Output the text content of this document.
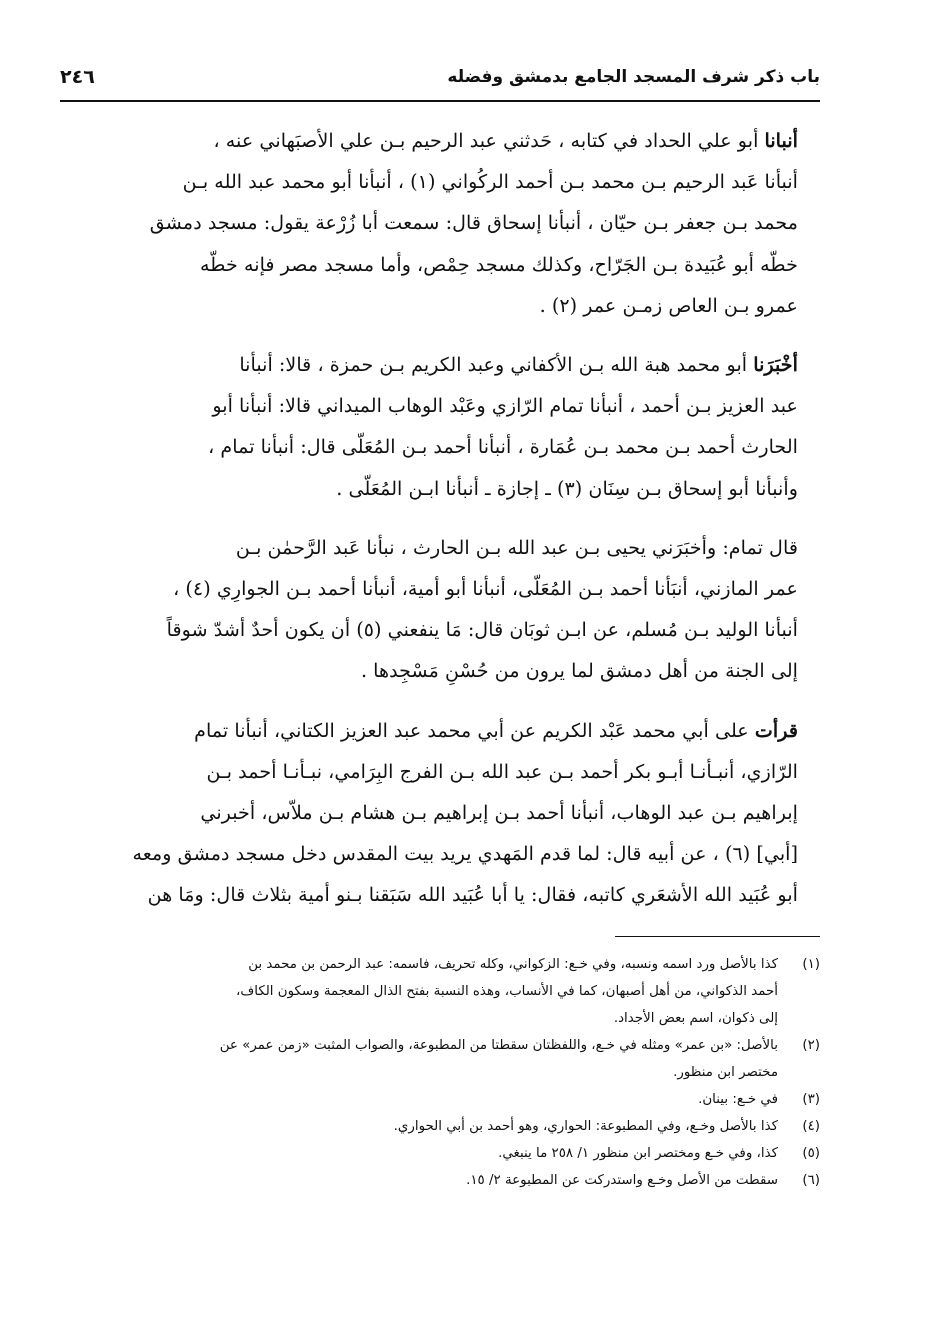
باب ذكر شرف المسجد الجامع بدمشق وفضله
٢٤٦
أنبانا أبو علي الحداد في كتابه ، حَدثني عبد الرحيم بـن علي الأصبَهاني عنه ،
أنبأنا عَبد الرحيم بـن محمد بـن أحمد الركُواني (١) ، أنبأنا أبو محمد عبد الله بـن
محمد بـن جعفر بـن حيّان ، أنبأنا إسحاق قال: سمعت أبا زُرْعة يقول: مسجد دمشق
خطّه أبو عُبَيدة بـن الجَرّاح، وكذلك مسجد حِمْص، وأما مسجد مصر فإنه خطّه
عمرو بـن العاص زمـن عمر (٢) .
أخْبَرَنا أبو محمد هبة الله بـن الأكفاني وعبد الكريم بـن حمزة ، قالا: أنبأنا
عبد العزيز بـن أحمد ، أنبأنا تمام الرّازي وعَبْد الوهاب الميداني قالا: أنبأنا أبو
الحارث أحمد بـن محمد بـن عُمَارة ، أنبأنا أحمد بـن المُعَلّى قال: أنبأنا تمام ،
وأنبأنا أبو إسحاق بـن سِنَان (٣) ـ إجازة ـ أنبأنا ابـن المُعَلّى .
قال تمام: وأخبَرَني يحيى بـن عبد الله بـن الحارث ، نبأنا عَبد الرَّحمٰن بـن
عمر المازني، أنبَأنا أحمد بـن المُعَلّى، أنبأنا أبو أمية، أنبأنا أحمد بـن الجوارِي (٤) ،
أنبأنا الوليد بـن مُسلم، عن ابـن ثوبَان قال: مَا ينفعني (٥) أن يكون أحدٌ أشدّ شوقاً
إلى الجنة من أهل دمشق لما يرون من حُسْنِ مَسْجِدها .
قرأت على أبي محمد عَبْد الكريم عن أبي محمد عبد العزيز الكتاني، أنبأنا تمام
الرّازي، أنبـأنـا أبـو بكر أحمد بـن عبد الله بـن الفرج البِرَامي، نبـأنـا أحمد بـن
إبراهيم بـن عبد الوهاب، أنبأنا أحمد بـن إبراهيم بـن هشام بـن ملاّس، أخبرني
[أبي] (٦) ، عن أبيه قال: لما قدم المَهدي يريد بيت المقدس دخل مسجد دمشق ومعه
أبو عُبَيد الله الأشعَري كاتبه، فقال: يا أبا عُبَيد الله سَبَقنا بـنو أمية بثلاث قال: ومَا هن
(١)
كذا بالأصل ورد اسمه ونسبه، وفي خـع: الزكواني، وكله تحريف، فاسمه: عبد الرحمن بن محمد بن
أحمد الذكواني، من أهل أصبهان، كما في الأنساب، وهذه النسبة بفتح الذال المعجمة وسكون الكاف،
إلى ذكوان، اسم بعض الأجداد.
(٢)
بالأصل: «بن عمر» ومثله في خـع، واللفظتان سقطتا من المطبوعة، والصواب المثبت «زمن عمر» عن
مختصر ابن منظور.
(٣)
في خـع: بينان.
(٤)
كذا بالأصل وخـع، وفي المطبوعة: الحواري، وهو أحمد بن أبي الحواري.
(٥)
كذا، وفي خـع ومختصر ابن منظور ١/ ٢٥٨ ما ينبغي.
(٦)
سقطت من الأصل وخـع واستدركت عن المطبوعة ٢/ ١٥.
